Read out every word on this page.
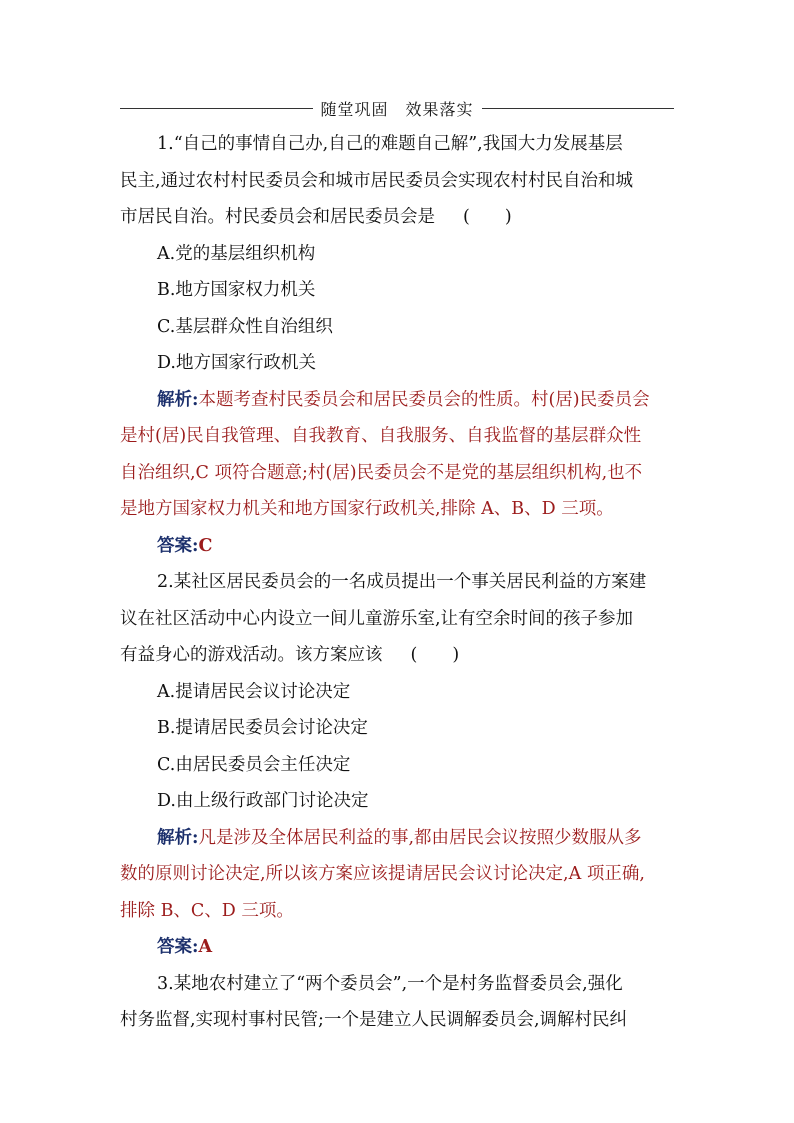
随堂巩固　效果落实
1.“自己的事情自己办,自己的难题自己解”,我国大力发展基层
民主,通过农村村民委员会和城市居民委员会实现农村村民自治和城
市居民自治。村民委员会和居民委员会是 (　　)
A.党的基层组织机构
B.地方国家权力机关
C.基层群众性自治组织
D.地方国家行政机关
解析:本题考查村民委员会和居民委员会的性质。村(居)民委员会
是村(居)民自我管理、自我教育、自我服务、自我监督的基层群众性
自治组织,C 项符合题意;村(居)民委员会不是党的基层组织机构,也不
是地方国家权力机关和地方国家行政机关,排除 A、B、D 三项。
答案:C
2.某社区居民委员会的一名成员提出一个事关居民利益的方案建
议在社区活动中心内设立一间儿童游乐室,让有空余时间的孩子参加
有益身心的游戏活动。该方案应该 (　　)
A.提请居民会议讨论决定
B.提请居民委员会讨论决定
C.由居民委员会主任决定
D.由上级行政部门讨论决定
解析:凡是涉及全体居民利益的事,都由居民会议按照少数服从多
数的原则讨论决定,所以该方案应该提请居民会议讨论决定,A 项正确,
排除 B、C、D 三项。
答案:A
3.某地农村建立了“两个委员会”,一个是村务监督委员会,强化
村务监督,实现村事村民管;一个是建立人民调解委员会,调解村民纠
